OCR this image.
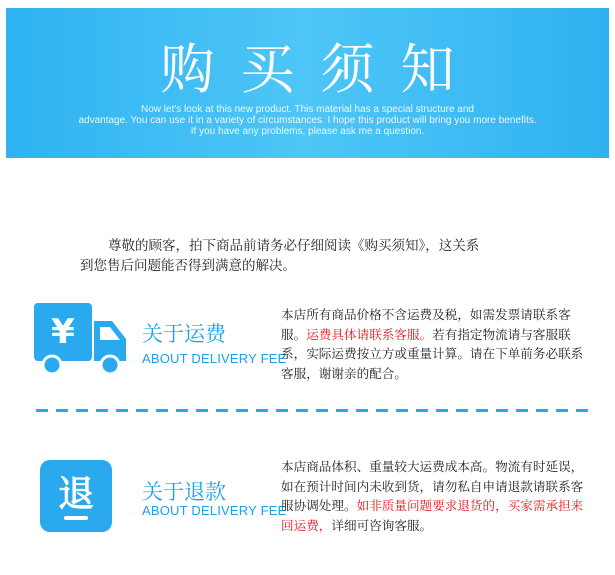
购买须知
Now let's look at this new product. This material has a special structure and
advantage. You can use it in a variety of circumstances. I hope this product will bring you more benefits.
If you have any problems, please ask me a question.
尊敬的顾客，拍下商品前请务必仔细阅读《购买须知》，这关系
到您售后问题能否得到满意的解决。
¥	关于运费
ABOUT DELIVERY FEE
本店所有商品价格不含运费及税，如需发票请联系客服。运费具体请联系客服。若有指定物流请与客服联系，实际运费按立方或重量计算。请在下单前务必联系客服，谢谢亲的配合。
退 关于退款
ABOUT DELIVERY FEE
本店商品体积、重量较大运费成本高。物流有时延误，如在预计时间内未收到货，请勿私自申请退款请联系客服协调处理。如非质量问题要求退货的，买家需承担来回运费，详细可咨询客服。
